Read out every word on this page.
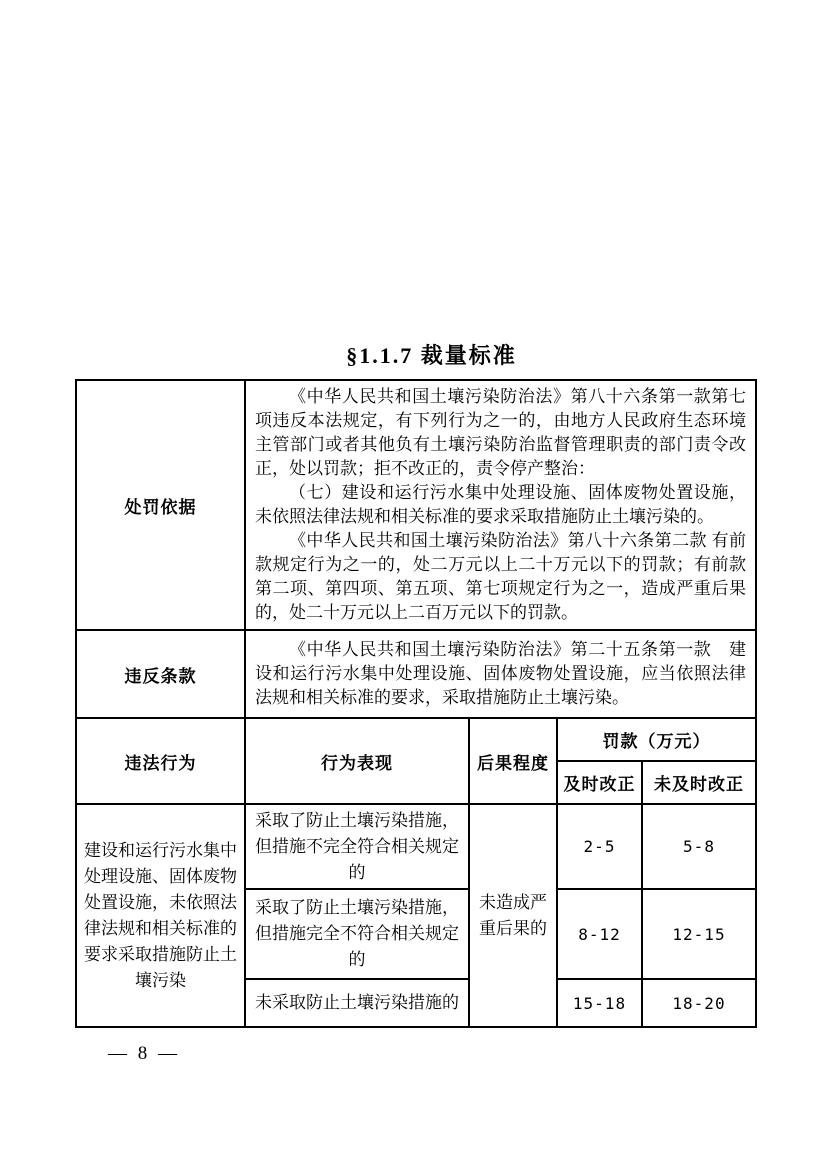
§1.1.7 裁量标准
处罚依据	《中华人民共和国土壤污染防治法》第八十六条第一款第七项违反本法规定，有下列行为之一的，由地方人民政府生态环境主管部门或者其他负有土壤污染防治监督管理职责的部门责令改正，处以罚款；拒不改正的，责令停产整治：

（七）建设和运行污水集中处理设施、固体废物处置设施，未依照法律法规和相关标准的要求采取措施防止土壤污染的。

《中华人民共和国土壤污染防治法》第八十六条第二款 有前款规定行为之一的，处二万元以上二十万元以下的罚款；有前款第二项、第四项、第五项、第七项规定行为之一，造成严重后果的，处二十万元以上二百万元以下的罚款。			

违反条款	《中华人民共和国土壤污染防治法》第二十五条第一款　建设和运行污水集中处理设施、固体废物处置设施，应当依照法律法规和相关标准的要求，采取措施防止土壤污染。			

违法行为	行为表现	后果程度	罚款（万元）	
			及时改正	未及时改正
建设和运行污水集中处理设施、固体废物处置设施，未依照法律法规和相关标准的要求采取措施防止土壤污染	采取了防止土壤污染措施，但措施不完全符合相关规定的	未造成严重后果的	2-5	5-8
	采取了防止土壤污染措施，但措施完全不符合相关规定的		8-12	12-15
	未采取防止土壤污染措施的		15-18	18-20
— 8 —
